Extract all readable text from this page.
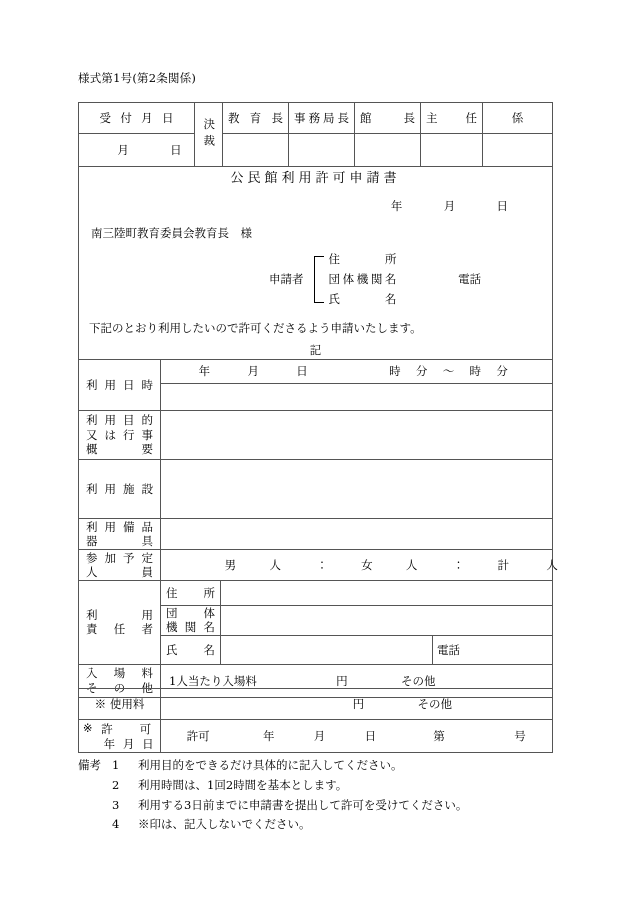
様式第1号(第2条関係)
受付月日	決裁	教育長	事務局長	館長	主任	係
月 日						
公民館利用許可申請書
年	月	日
南三陸町教育委員会教育長　様
申請者
住　　所
団体機関名	電話
氏　　名
下記のとおり利用したいので許可くださるよう申請いたします。
記

利用日時	年 月 日 時 分 ～ 時 分		

利用目的
又は行事
概　　要			

利用施設			

利用備品
器　　具			

参加予定
人　　員	男 人 ： 女 人 ： 計 人		

利　　用
責　任　者	住　所		

	団　体
機関名		

	氏　名		電話

入　場　料
そ　の　他	1人当たり入場料 円 その他		
※ 使用料	円 その他

※ 許　可
年月日	許可 年 月 日 第 号
備考 1	利用目的をできるだけ具体的に記入してください。
2	利用時間は、1回2時間を基本とします。
3	利用する3日前までに申請書を提出して許可を受けてください。
4	※印は、記入しないでください。
